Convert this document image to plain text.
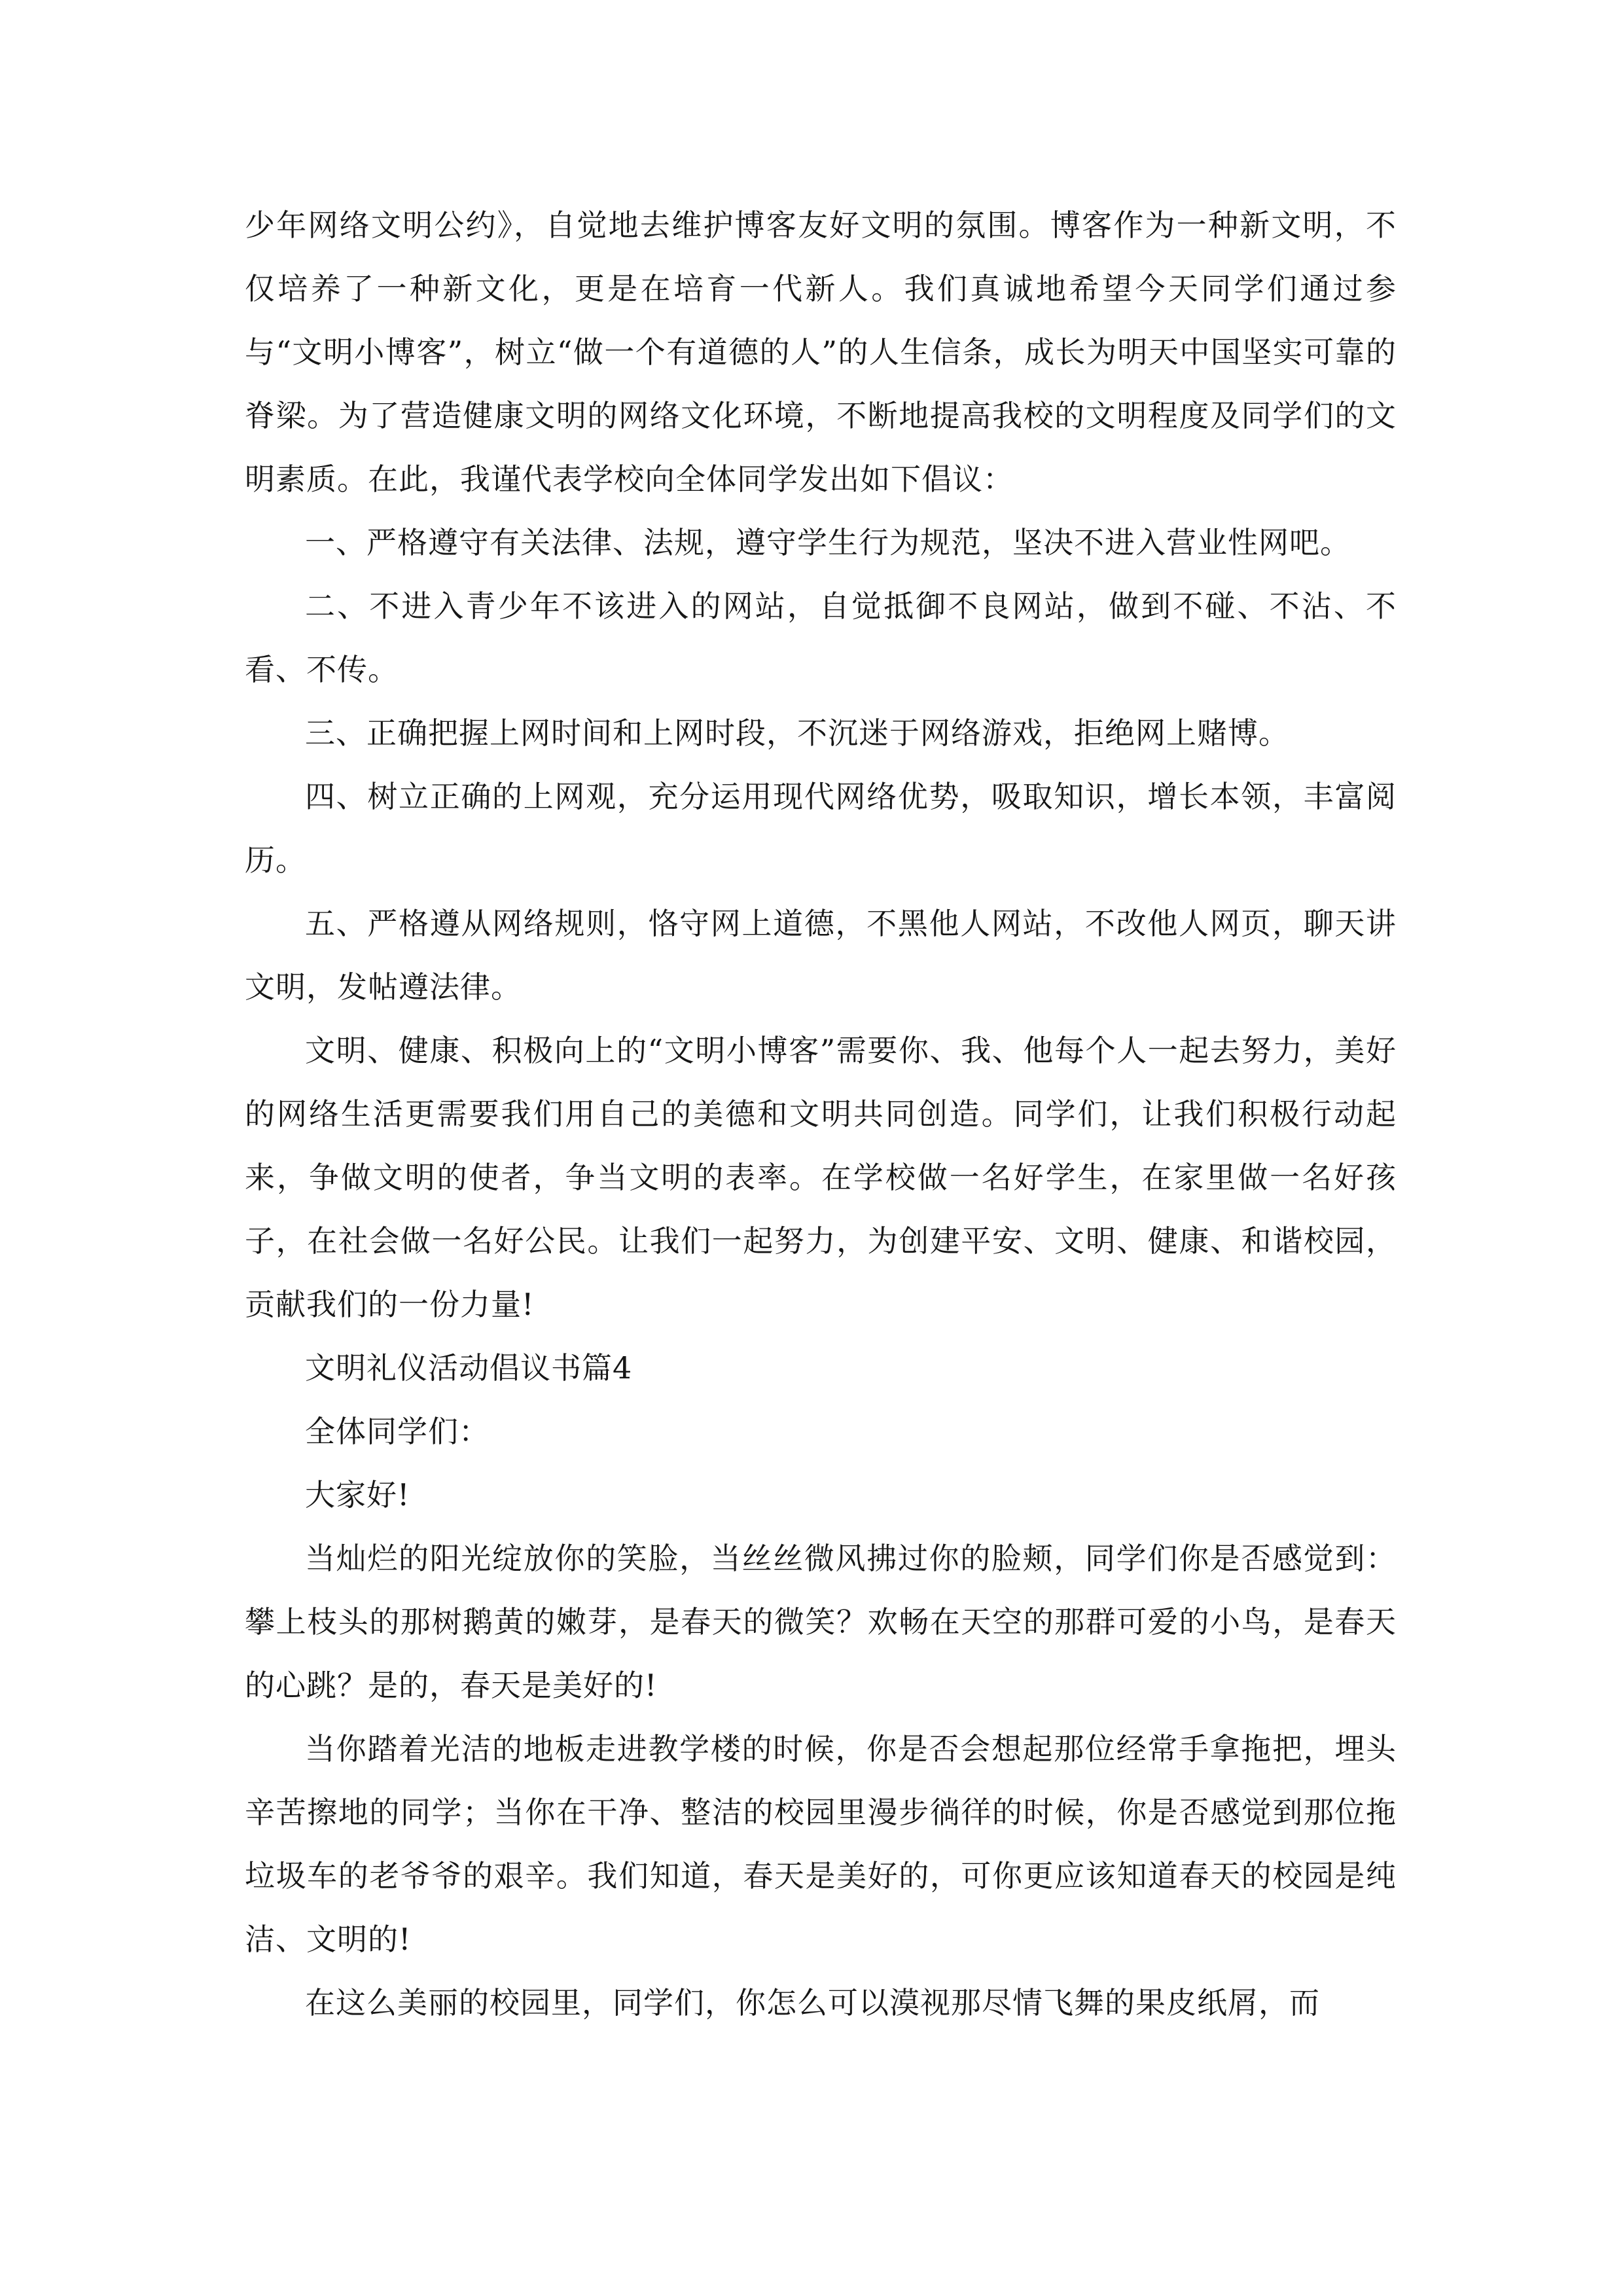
少年网络文明公约》，自觉地去维护博客友好文明的氛围。博客作为一种新文明，不仅培养了一种新文化，更是在培育一代新人。我们真诚地希望今天同学们通过参与“文明小博客”，树立“做一个有道德的人”的人生信条，成长为明天中国坚实可靠的脊梁。为了营造健康文明的网络文化环境，不断地提高我校的文明程度及同学们的文明素质。在此，我谨代表学校向全体同学发出如下倡议：

一、严格遵守有关法律、法规，遵守学生行为规范，坚决不进入营业性网吧。

二、不进入青少年不该进入的网站，自觉抵御不良网站，做到不碰、不沾、不看、不传。

三、正确把握上网时间和上网时段，不沉迷于网络游戏，拒绝网上赌博。

四、树立正确的上网观，充分运用现代网络优势，吸取知识，增长本领，丰富阅历。

五、严格遵从网络规则，恪守网上道德，不黑他人网站，不改他人网页，聊天讲文明，发帖遵法律。

文明、健康、积极向上的“文明小博客”需要你、我、他每个人一起去努力，美好的网络生活更需要我们用自己的美德和文明共同创造。同学们，让我们积极行动起来，争做文明的使者，争当文明的表率。在学校做一名好学生，在家里做一名好孩子，在社会做一名好公民。让我们一起努力，为创建平安、文明、健康、和谐校园，贡献我们的一份力量!

文明礼仪活动倡议书篇4

全体同学们：

大家好!

当灿烂的阳光绽放你的笑脸，当丝丝微风拂过你的脸颊，同学们你是否感觉到：攀上枝头的那树鹅黄的嫩芽，是春天的微笑？欢畅在天空的那群可爱的小鸟，是春天的心跳？是的，春天是美好的!

当你踏着光洁的地板走进教学楼的时候，你是否会想起那位经常手拿拖把，埋头辛苦擦地的同学；当你在干净、整洁的校园里漫步徜徉的时候，你是否感觉到那位拖垃圾车的老爷爷的艰辛。我们知道，春天是美好的，可你更应该知道春天的校园是纯洁、文明的!

在这么美丽的校园里，同学们，你怎么可以漠视那尽情飞舞的果皮纸屑，而
